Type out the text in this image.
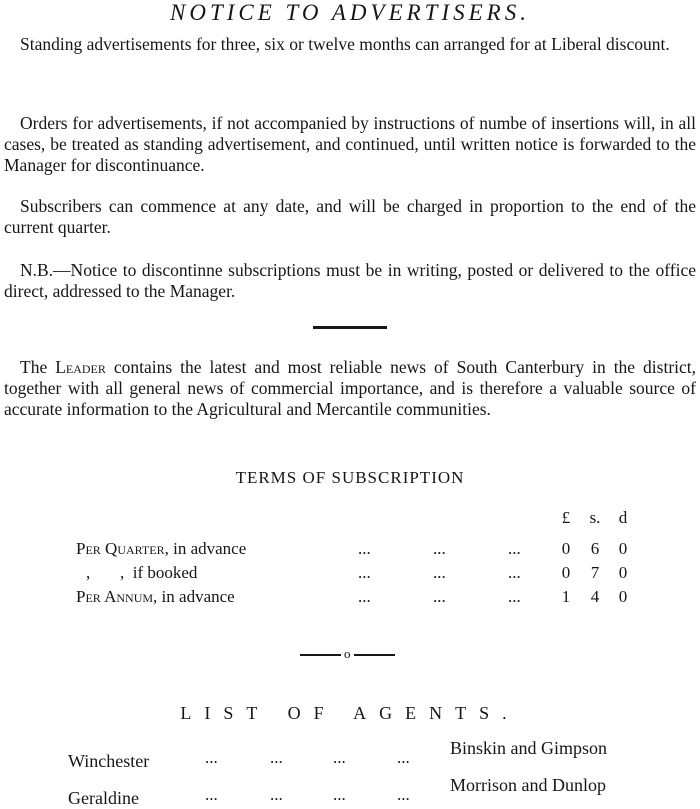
NOTICE TO ADVERTISERS.

Standing advertisements for three, six or twelve months can arranged for at Liberal discount.

Orders for advertisements, if not accompanied by instructions of numbe of insertions will, in all cases, be treated as standing advertisement, and continued, until written notice is forwarded to the Manager for discontinuance.

Subscribers can commence at any date, and will be charged in proportion to the end of the current quarter.

N.B.—Notice to discontinne subscriptions must be in writing, posted or delivered to the office direct, addressed to the Manager.

The Leader contains the latest and most reliable news of South Canterbury in the district, together with all general news of commercial importance, and is therefore a valuable source of accurate information to the Agricultural and Mercantile communities.

TERMS OF SUBSCRIPTION
£	s.	d
Per Quarter, in advance	...	...	...	0	6	0
, ,  if booked	...	...	...	0	7	0
Per Annum, in advance	...	...	...	1	4	0
o
LIST OF AGENTS.
Winchester	...	...	...	... Binskin and Gimpson
Geraldine	...	...	...	... Morrison and Dunlop
